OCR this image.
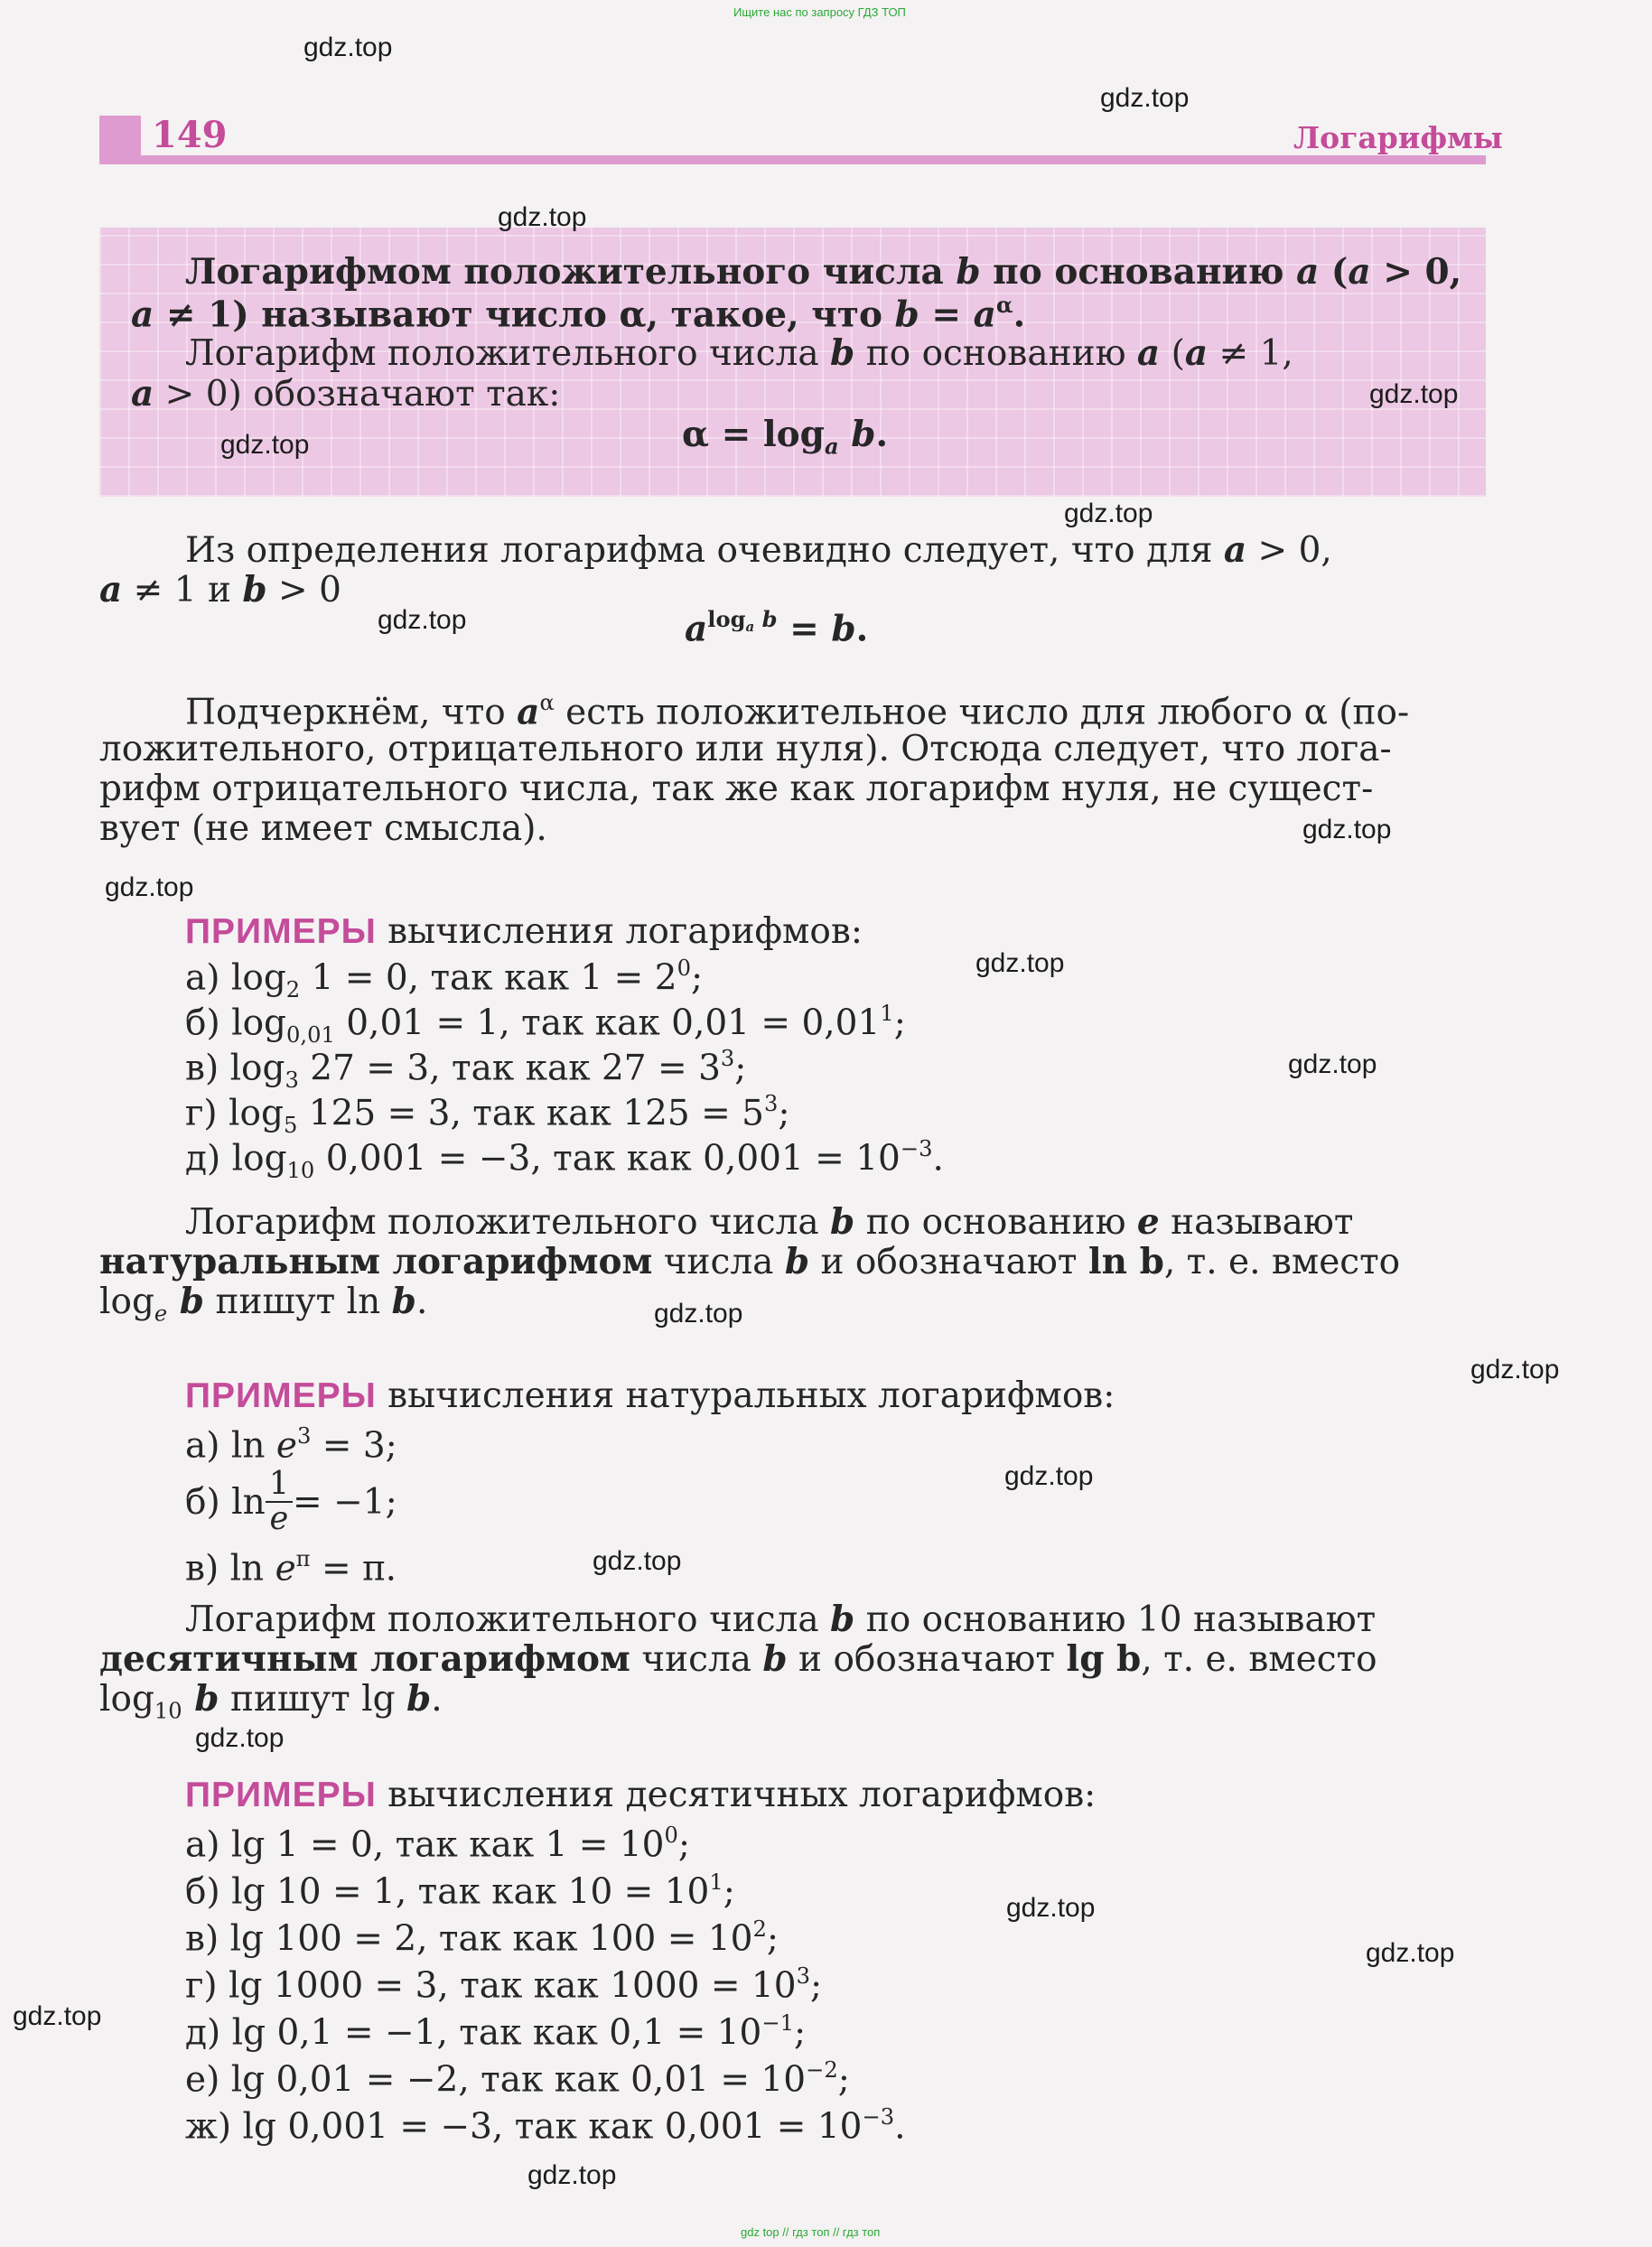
Ищите нас по запросу ГДЗ ТОП
gdz top // гдз топ // гдз топ
149	Логарифмы
Логарифмом положительного числа b по основанию a (a > 0,
a ≠ 1) называют число α, такое, что $b = a^\alpha$.
Логарифм положительного числа b по основанию a (a ≠ 1,
a > 0) обозначают так:
$\alpha = \log_a b$.
Из определения логарифма очевидно следует, что для a > 0,
a ≠ 1 и b > 0
$a^{log_a b} = b$.
Подчеркнём, что $a^\alpha$ есть положительное число для любого α (по-
ложительного, отрицательного или нуля). Отсюда следует, что лога-
рифм отрицательного числа, так же как логарифм нуля, не сущест-
вует (не имеет смысла).
ПРИМЕРЫ вычисления логарифмов:
а) $\log_2 1 = 0$, так как $1 = 2^0$;
б) $\log_{0,01} 0,01 = 1$, так как $0,01 = 0,01^1$;
в) $\log_3 27 = 3$, так как $27 = 3^3$;
г) $\log_5 125 = 3$, так как $125 = 5^3$;
д) $\log_{10} 0,001 = -3$, так как $0,001 = 10^{-3}$.
Логарифм положительного числа b по основанию e называют
натуральным логарифмом числа b и обозначают ln b, т. е. вместо
$\log_e b$ пишут ln b.
ПРИМЕРЫ вычисления натуральных логарифмов:
а) $\ln e^3 = 3$;
б) $\ln \frac{1}{e} = -1$;
в) $\ln e^\pi = \pi$.
Логарифм положительного числа b по основанию 10 называют
десятичным логарифмом числа b и обозначают lg b, т. е. вместо
$\log_{10} b$ пишут lg b.
ПРИМЕРЫ вычисления десятичных логарифмов:
а) lg 1 = 0, так как $1 = 10^0$;
б) lg 10 = 1, так как $10 = 10^1$;
в) lg 100 = 2, так как $100 = 10^2$;
г) lg 1000 = 3, так как $1000 = 10^3$;
д) lg 0,1 = −1, так как $0,1 = 10^{-1}$;
е) lg 0,01 = −2, так как $0,01 = 10^{-2}$;
ж) lg 0,001 = −3, так как $0,001 = 10^{-3}$.
gdz.top
gdz.top
gdz.top
gdz.top
gdz.top
gdz.top
gdz.top
gdz.top
gdz.top
gdz.top
gdz.top
gdz.top
gdz.top
gdz.top
gdz.top
gdz.top
gdz.top
gdz.top
gdz.top
gdz.top
